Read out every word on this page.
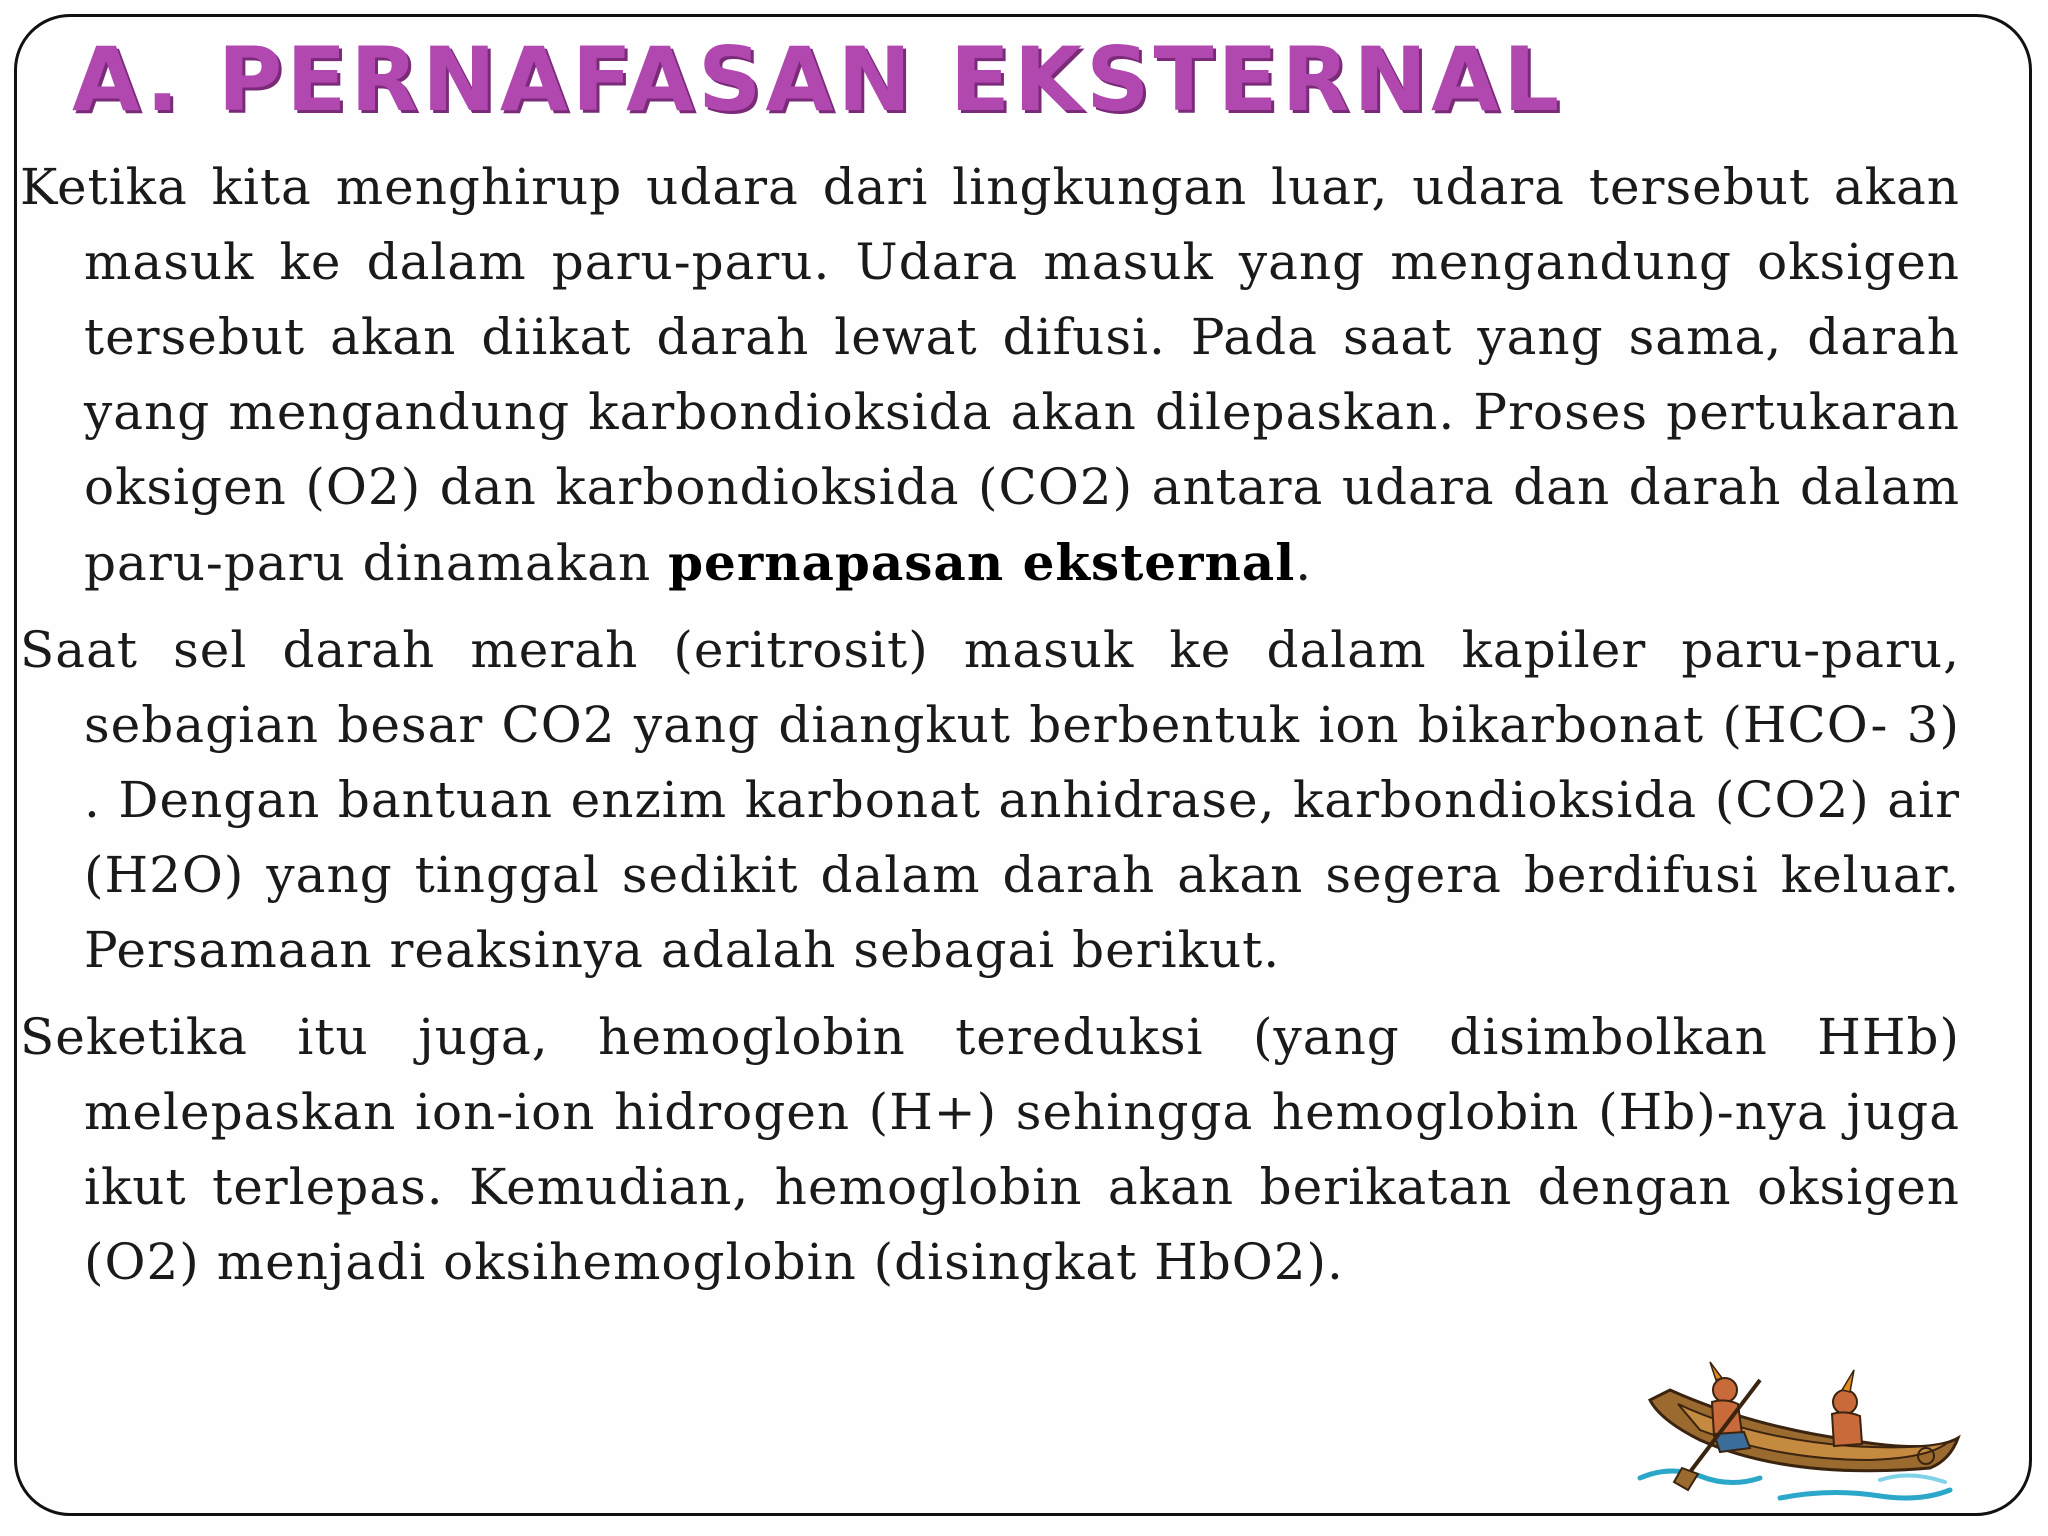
A. PERNAFASAN EKSTERNAL

Ketika kita menghirup udara dari lingkungan luar, udara tersebut akan masuk ke dalam paru-paru. Udara masuk yang mengandung oksigen tersebut akan diikat darah lewat difusi. Pada saat yang sama, darah yang mengandung karbondioksida akan dilepaskan. Proses pertukaran oksigen (O2) dan karbondioksida (CO2) antara udara dan darah dalam paru-paru dinamakan pernapasan eksternal.

Saat sel darah merah (eritrosit) masuk ke dalam kapiler paru-paru, sebagian besar CO2 yang diangkut berbentuk ion bikarbonat (HCO- 3) . Dengan bantuan enzim karbonat anhidrase, karbondioksida (CO2) air (H2O) yang tinggal sedikit dalam darah akan segera berdifusi keluar. Persamaan reaksinya adalah sebagai berikut.

Seketika itu juga, hemoglobin tereduksi (yang disimbolkan HHb) melepaskan ion-ion hidrogen (H+) sehingga hemoglobin (Hb)-nya juga ikut terlepas. Kemudian, hemoglobin akan berikatan dengan oksigen (O2) menjadi oksihemoglobin (disingkat HbO2).
